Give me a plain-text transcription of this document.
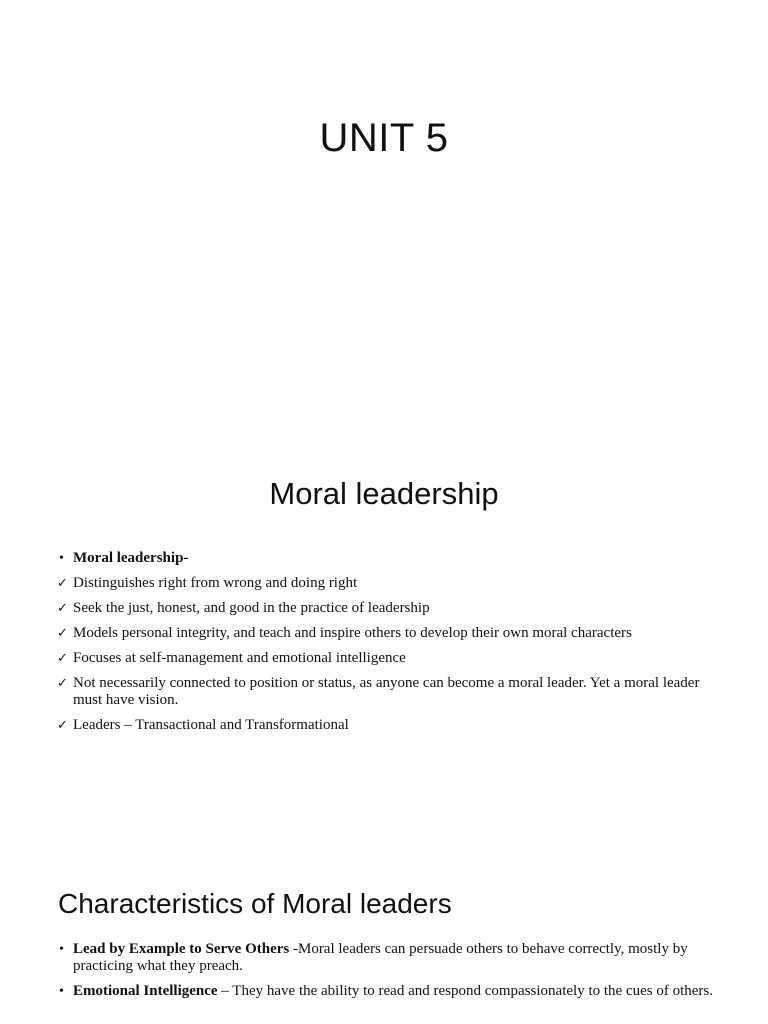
UNIT 5
Moral leadership
• Moral leadership-
✓ Distinguishes right from wrong and doing right
✓ Seek the just, honest, and good in the practice of leadership
✓ Models personal integrity, and teach and inspire others to develop their own moral characters
✓ Focuses at self-management and emotional intelligence
✓ Not necessarily connected to position or status, as anyone can become a moral leader. Yet a moral leader must have vision.
✓ Leaders – Transactional and Transformational
Characteristics of Moral leaders
• Lead by Example to Serve Others -Moral leaders can persuade others to behave correctly, mostly by practicing what they preach.
• Emotional Intelligence – They have the ability to read and respond compassionately to the cues of others.
